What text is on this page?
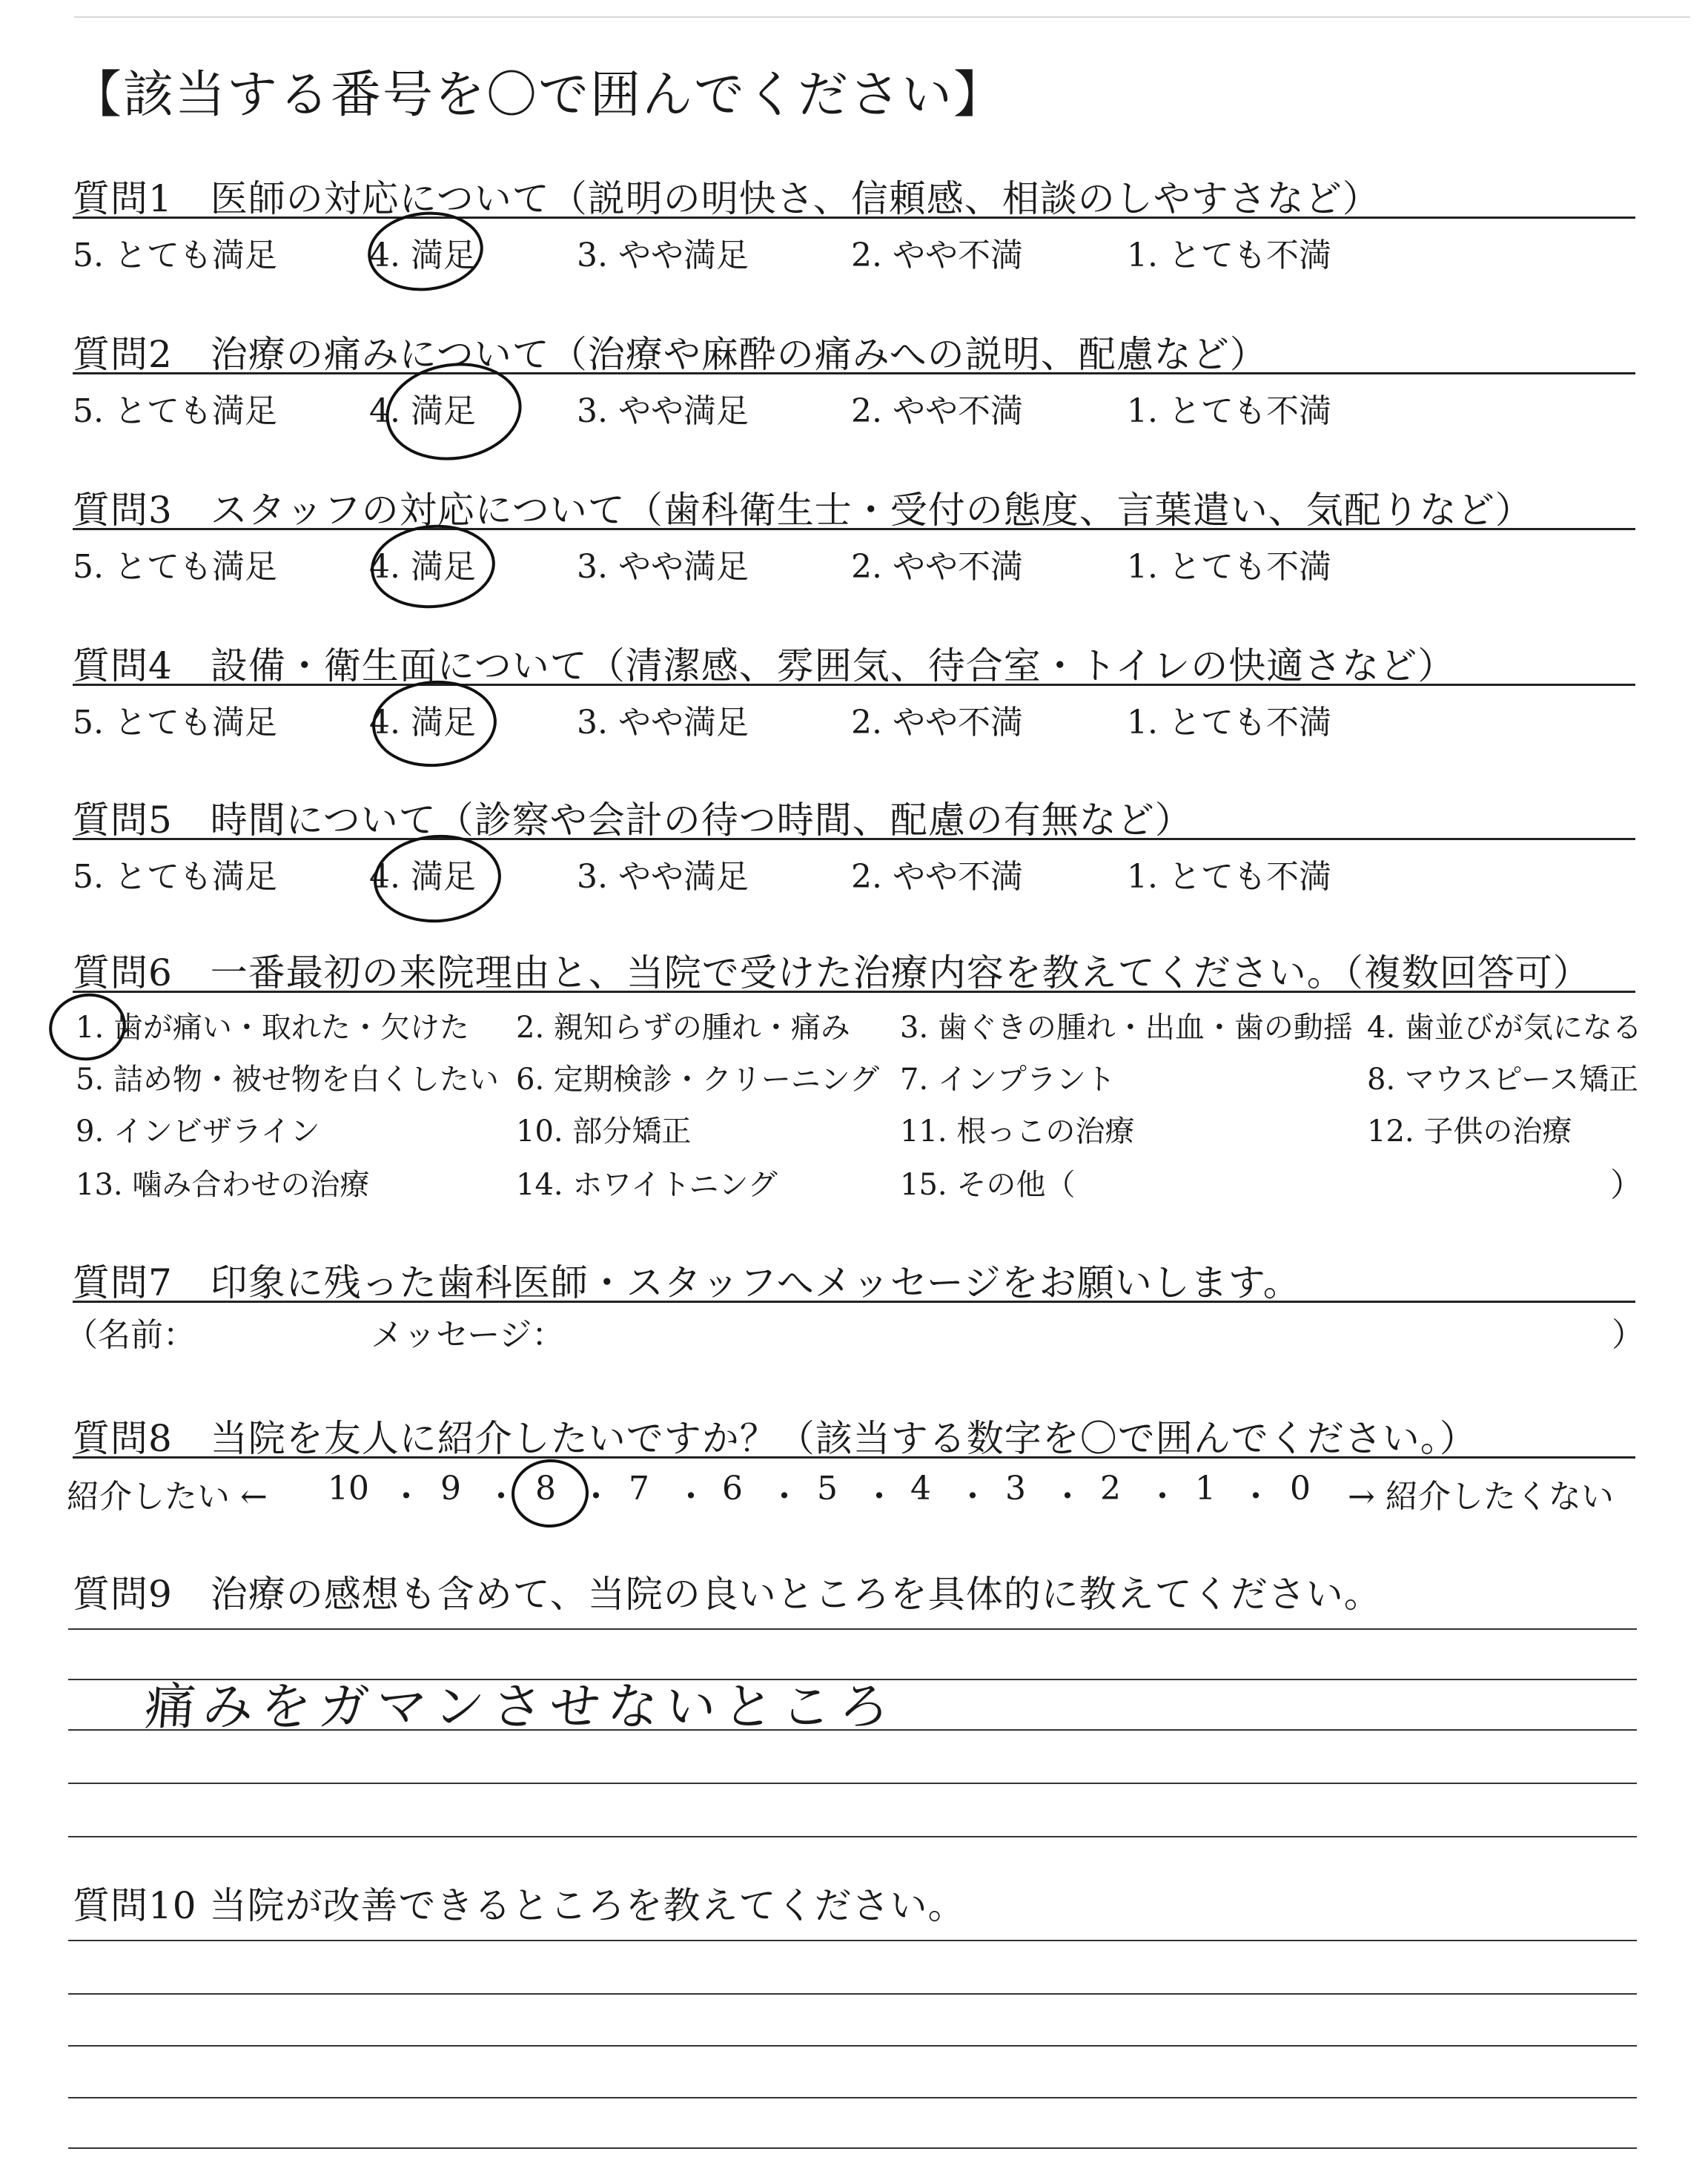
【該当する番号を〇で囲んでください】
質問1　医師の対応について（説明の明快さ、信頼感、相談のしやすさなど）
5. とても満足	4. 満足	3. やや満足	2. やや不満	1. とても不満
質問2　治療の痛みについて（治療や麻酔の痛みへの説明、配慮など）
5. とても満足	4. 満足	3. やや満足	2. やや不満	1. とても不満
質問3　スタッフの対応について（歯科衛生士・受付の態度、言葉遣い、気配りなど）
5. とても満足	4. 満足	3. やや満足	2. やや不満	1. とても不満
質問4　設備・衛生面について（清潔感、雰囲気、待合室・トイレの快適さなど）
5. とても満足	4. 満足	3. やや満足	2. やや不満	1. とても不満
質問5　時間について（診察や会計の待つ時間、配慮の有無など）
5. とても満足	4. 満足	3. やや満足	2. やや不満	1. とても不満
質問6　一番最初の来院理由と、当院で受けた治療内容を教えてください。（複数回答可）
1. 歯が痛い・取れた・欠けた 2. 親知らずの腫れ・痛み 3. 歯ぐきの腫れ・出血・歯の動揺 4. 歯並びが気になる
5. 詰め物・被せ物を白くしたい 6. 定期検診・クリーニング 7. インプラント	8. マウスピース矯正
9. インビザライン	10. 部分矯正	11. 根っこの治療	12. 子供の治療
13. 噛み合わせの治療	14. ホワイトニング	15. その他（	）
質問7　印象に残った歯科医師・スタッフへメッセージをお願いします。
（名前：	メッセージ：	）
質問8　当院を友人に紹介したいですか？（該当する数字を〇で囲んでください。）
紹介したい ← 10 ・ 9 ・ 8 ・ 7 ・ 6 ・ 5 ・ 4 ・ 3 ・ 2 ・ 1 ・ 0 → 紹介したくない
質問9　治療の感想も含めて、当院の良いところを具体的に教えてください。
痛みをガマンさせないところ
質問10 当院が改善できるところを教えてください。
